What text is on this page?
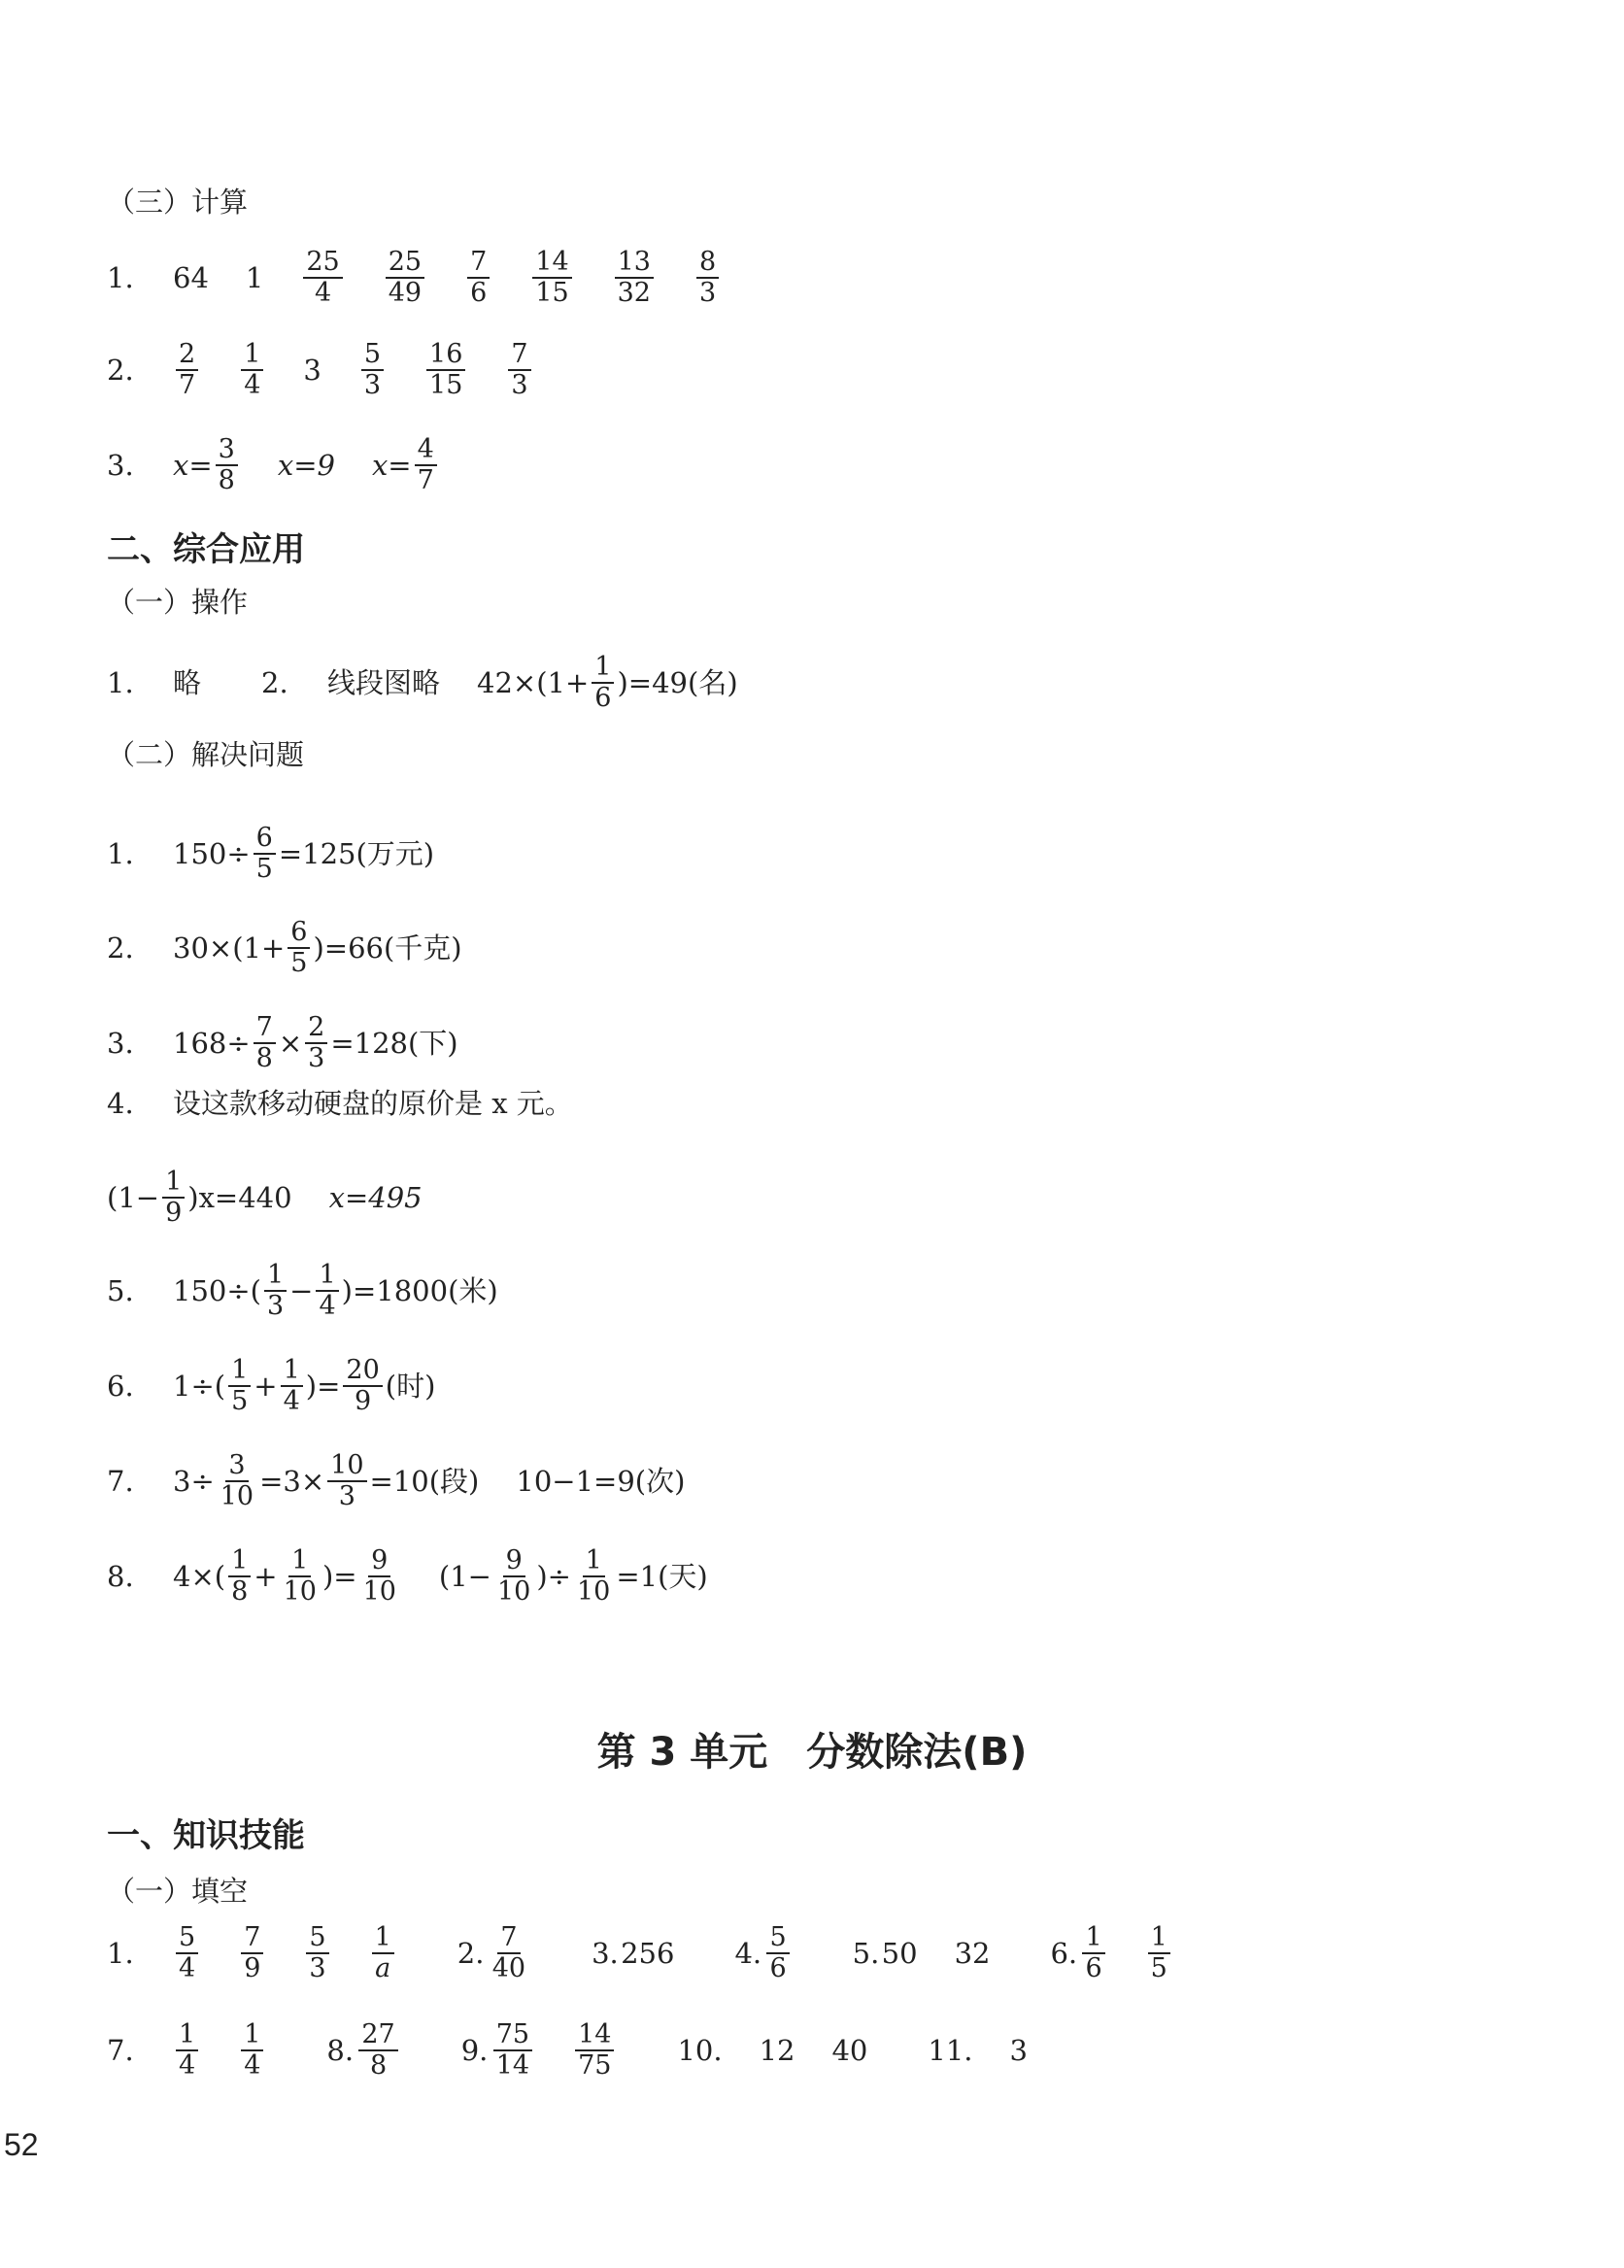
（三）计算
1. 64 $1 \frac{25}{4} \frac{25}{49} \frac{7}{6} \frac{14}{15} \frac{13}{32} \frac{8}{3}$
2. $\frac{2}{7} \frac{1}{4} 3 \frac{5}{3} \frac{16}{15} \frac{7}{3}$
3. $x= \frac{3}{8} x=9$ $x= \frac{4}{7}$
二、综合应用
（一）操作
1. 略 2. 线段图略 $42\times(1+ \frac{1}{6} )=49$(名)
（二）解决问题
1. $150\div \frac{6}{5} =125$(万元)
2. $30\times(1+ \frac{6}{5} )=66$(千克)
3. $168\div \frac{7}{8} \times \frac{2}{3} =128$(下)
4. 设这款移动硬盘的原价是 x 元。
$(1- \frac{1}{9} )x=440$ x=495
5. $150\div( \frac{1}{3} - \frac{1}{4} )=1800$(米)
6. $1\div( \frac{1}{5} + \frac{1}{4}$ )= $\frac{20}{9}$ (时)
7. $3\div \frac{3}{10} =3\times \frac{10}{3} =10$(段) 10−1=9(次)
8. $4\times( \frac{1}{8} + \frac{1}{10}$ )= $\frac{9}{10} (1- \frac{9}{10}$ )÷ $\frac{1}{10} =1$(天)
第 3 单元　分数除法(B)
一、知识技能
（一）填空
1. $\frac{5}{4} \frac{7}{9} \frac{5}{3} \frac{1}{a} 2$. $\frac{7}{40} 3$. 256 4. $\frac{5}{6} 5$. 50 32 6. $\frac{1}{6} \frac{1}{5}$
7. $\frac{1}{4} \frac{1}{4} 8$. $\frac{27}{8} 9$. $\frac{75}{14} \frac{14}{75} 10$. 12 40 11. 3
52
